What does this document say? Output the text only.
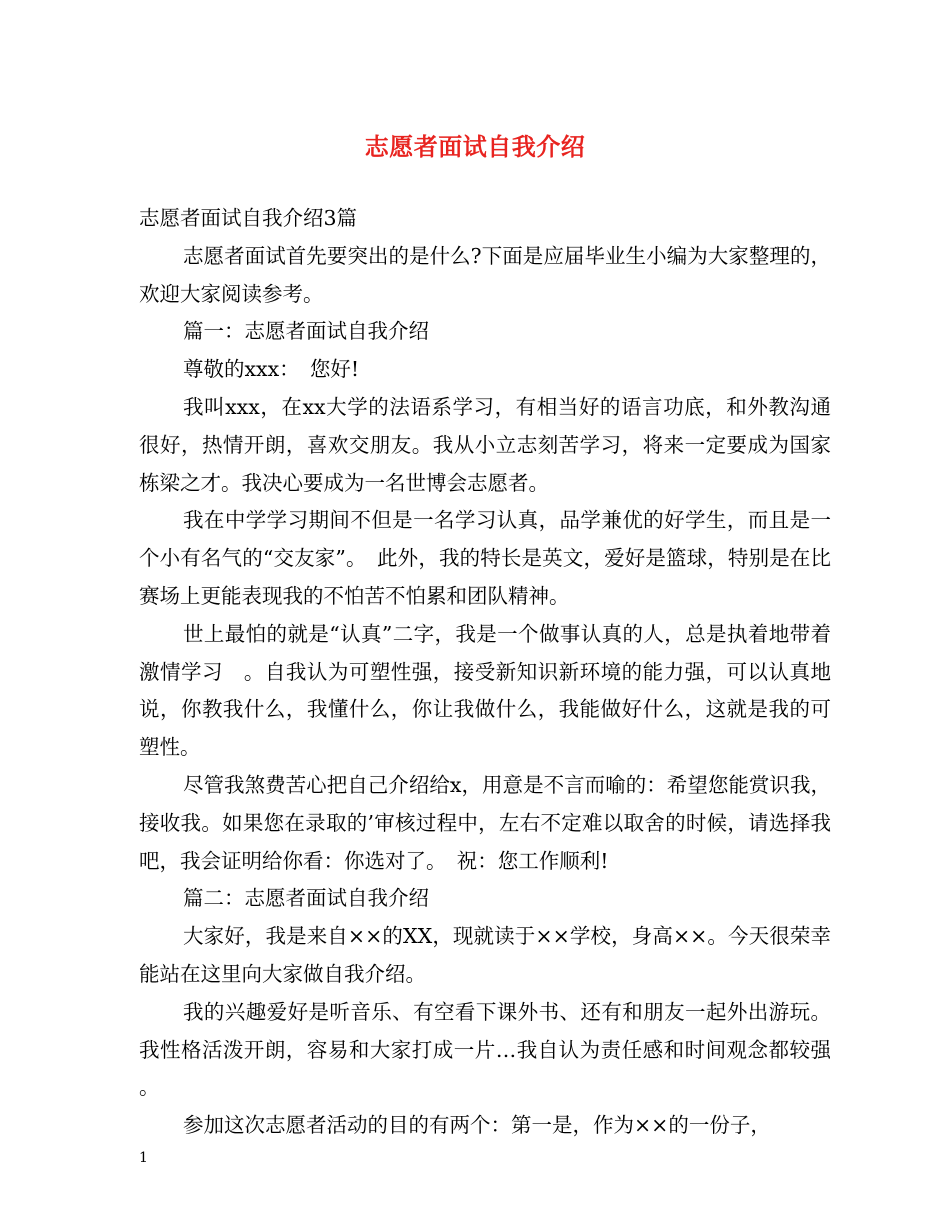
志愿者面试自我介绍

志愿者面试自我介绍3篇

志愿者面试首先要突出的是什么?下面是应届毕业生小编为大家整理的，欢迎大家阅读参考。

篇一：志愿者面试自我介绍

尊敬的xxx：　您好!

我叫xxx，在xx大学的法语系学习，有相当好的语言功底，和外教沟通很好，热情开朗，喜欢交朋友。我从小立志刻苦学习，将来一定要成为国家栋梁之才。我决心要成为一名世博会志愿者。

我在中学学习期间不但是一名学习认真，品学兼优的好学生，而且是一个小有名气的“交友家”。　此外，我的特长是英文，爱好是篮球，特别是在比赛场上更能表现我的不怕苦不怕累和团队精神。

世上最怕的就是“认真”二字，我是一个做事认真的人，总是执着地带着激情学习　。自我认为可塑性强，接受新知识新环境的能力强，可以认真地说，你教我什么，我懂什么，你让我做什么，我能做好什么，这就是我的可塑性。

尽管我煞费苦心把自己介绍给x，用意是不言而喻的：希望您能赏识我，接收我。如果您在录取的’审核过程中，左右不定难以取舍的时候，请选择我吧，我会证明给你看：你选对了。　祝：您工作顺利!

篇二：志愿者面试自我介绍

大家好，我是来自××的XX，现就读于××学校，身高××。今天很荣幸能站在这里向大家做自我介绍。

我的兴趣爱好是听音乐、有空看下课外书、还有和朋友一起外出游玩。我性格活泼开朗，容易和大家打成一片…我自认为责任感和时间观念都较强。

参加这次志愿者活动的目的有两个：第一是，作为××的一份子，

1
